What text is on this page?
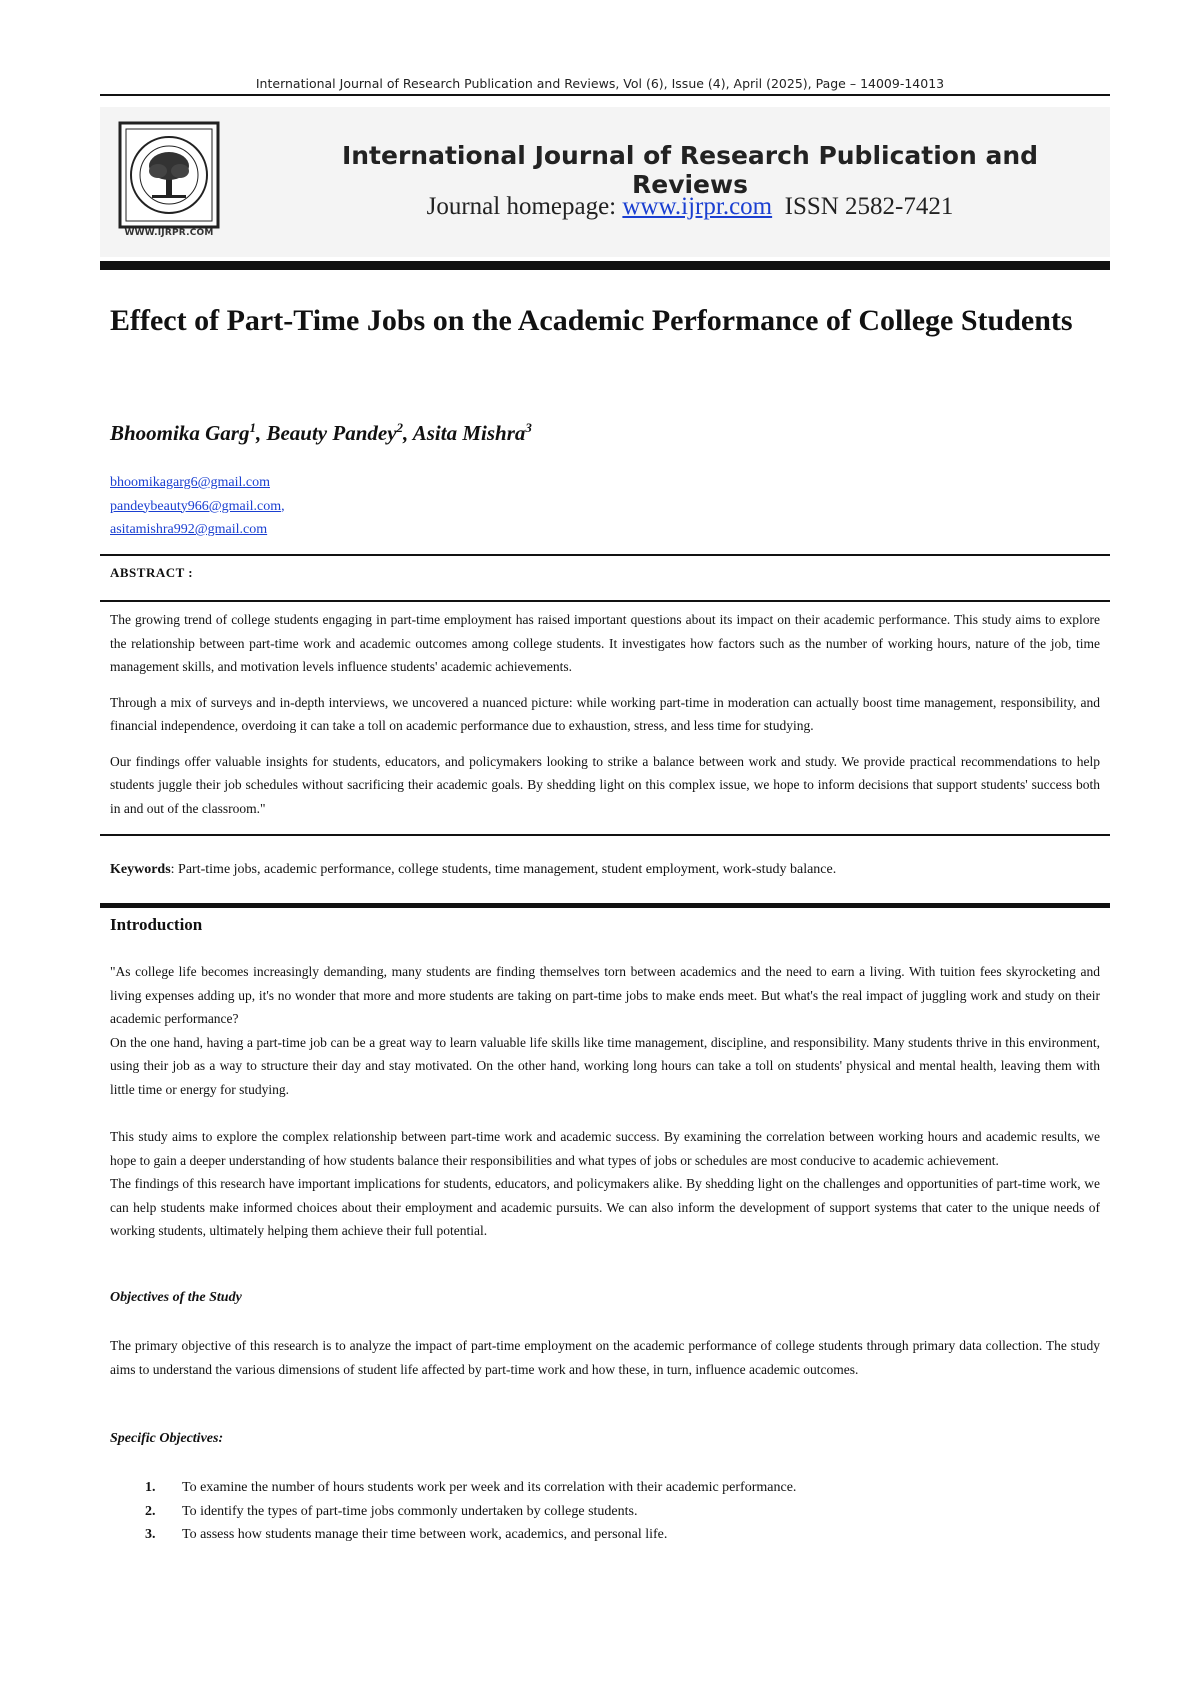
International Journal of Research Publication and Reviews, Vol (6), Issue (4), April (2025), Page – 14009-14013
WWW.IJRPR.COM
International Journal of Research Publication and Reviews
Journal homepage: www.ijrpr.com ISSN 2582-7421
Effect of Part-Time Jobs on the Academic Performance of College Students
Bhoomika Garg$^1$, Beauty Pandey$^2$, Asita Mishra$^3$
bhoomikagarg6@gmail.com
pandeybeauty966@gmail.com,
asitamishra992@gmail.com
ABSTRACT :

The growing trend of college students engaging in part-time employment has raised important questions about its impact on their academic performance. This study aims to explore the relationship between part-time work and academic outcomes among college students. It investigates how factors such as the number of working hours, nature of the job, time management skills, and motivation levels influence students' academic achievements.

Through a mix of surveys and in-depth interviews, we uncovered a nuanced picture: while working part-time in moderation can actually boost time management, responsibility, and financial independence, overdoing it can take a toll on academic performance due to exhaustion, stress, and less time for studying.

Our findings offer valuable insights for students, educators, and policymakers looking to strike a balance between work and study. We provide practical recommendations to help students juggle their job schedules without sacrificing their academic goals. By shedding light on this complex issue, we hope to inform decisions that support students' success both in and out of the classroom."

Keywords: Part-time jobs, academic performance, college students, time management, student employment, work-study balance.
Introduction

"As college life becomes increasingly demanding, many students are finding themselves torn between academics and the need to earn a living. With tuition fees skyrocketing and living expenses adding up, it's no wonder that more and more students are taking on part-time jobs to make ends meet. But what's the real impact of juggling work and study on their academic performance?

On the one hand, having a part-time job can be a great way to learn valuable life skills like time management, discipline, and responsibility. Many students thrive in this environment, using their job as a way to structure their day and stay motivated. On the other hand, working long hours can take a toll on students' physical and mental health, leaving them with little time or energy for studying.

This study aims to explore the complex relationship between part-time work and academic success. By examining the correlation between working hours and academic results, we hope to gain a deeper understanding of how students balance their responsibilities and what types of jobs or schedules are most conducive to academic achievement.

The findings of this research have important implications for students, educators, and policymakers alike. By shedding light on the challenges and opportunities of part-time work, we can help students make informed choices about their employment and academic pursuits. We can also inform the development of support systems that cater to the unique needs of working students, ultimately helping them achieve their full potential.

Objectives of the Study

The primary objective of this research is to analyze the impact of part-time employment on the academic performance of college students through primary data collection. The study aims to understand the various dimensions of student life affected by part-time work and how these, in turn, influence academic outcomes.

Specific Objectives:
1. To examine the number of hours students work per week and its correlation with their academic performance.
2. To identify the types of part-time jobs commonly undertaken by college students.
3. To assess how students manage their time between work, academics, and personal life.
